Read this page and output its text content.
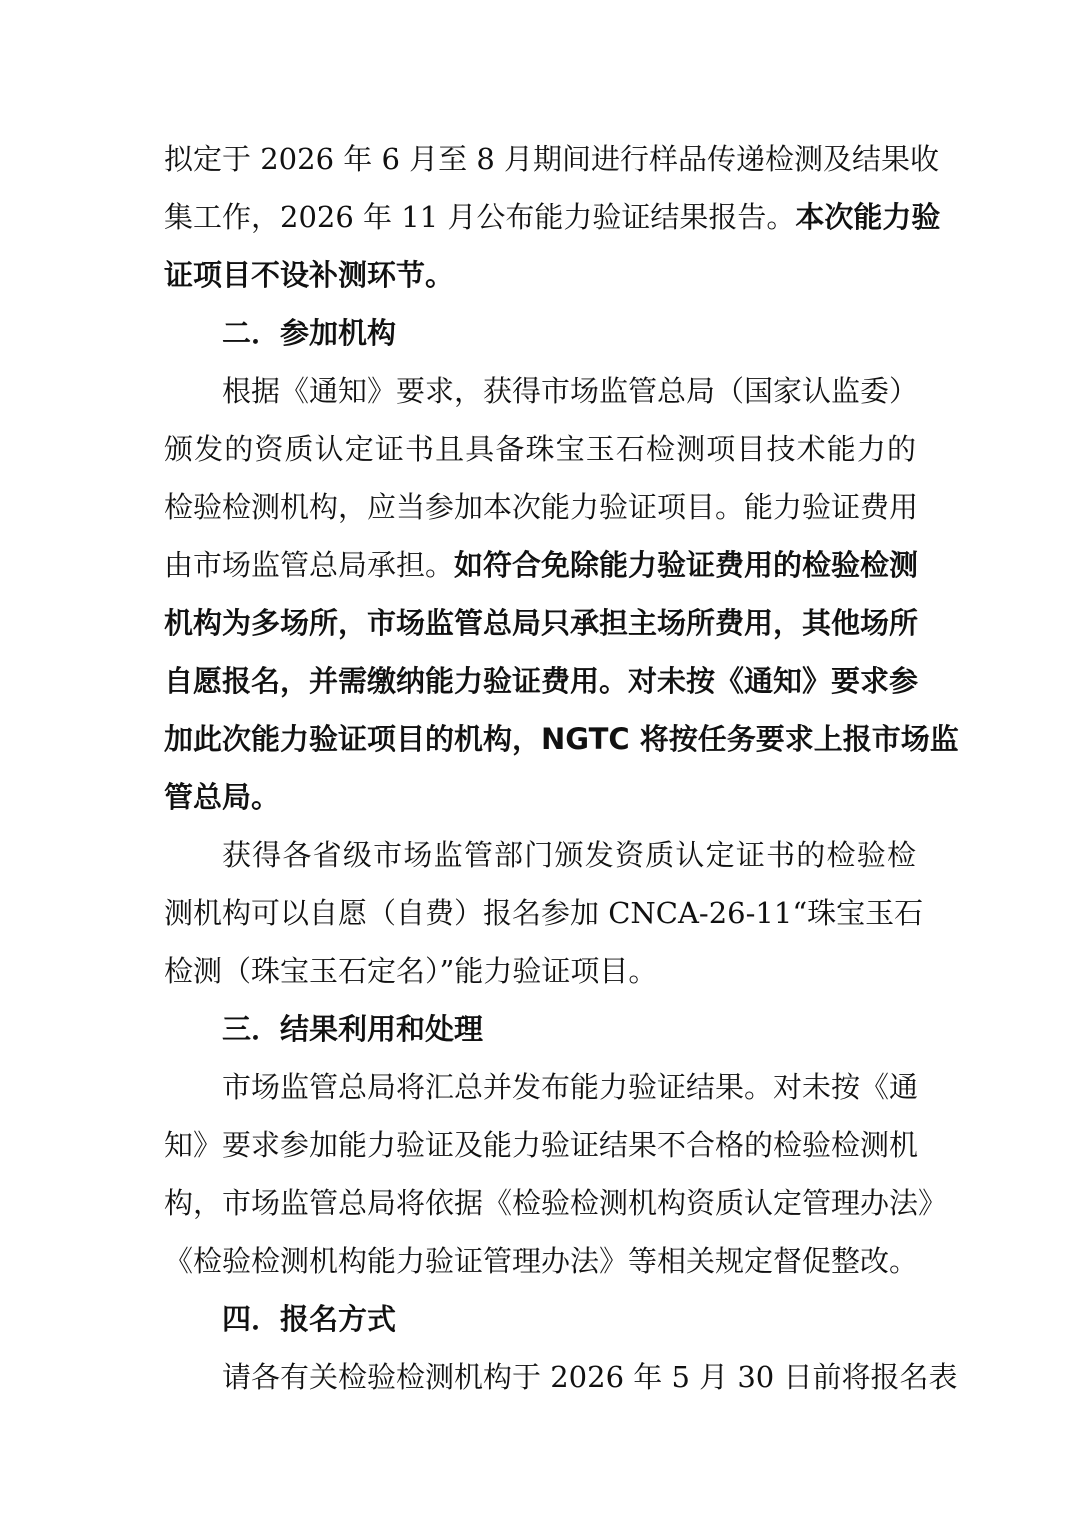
拟定于 2026 年 6 月至 8 月期间进行样品传递检测及结果收
集工作，2026 年 11 月公布能力验证结果报告。本次能力验
证项目不设补测环节。
二．参加机构
根据《通知》要求，获得市场监管总局（国家认监委）
颁发的资质认定证书且具备珠宝玉石检测项目技术能力的
检验检测机构，应当参加本次能力验证项目。能力验证费用
由市场监管总局承担。如符合免除能力验证费用的检验检测
机构为多场所，市场监管总局只承担主场所费用，其他场所
自愿报名，并需缴纳能力验证费用。对未按《通知》要求参
加此次能力验证项目的机构，NGTC 将按任务要求上报市场监
管总局。
获得各省级市场监管部门颁发资质认定证书的检验检
测机构可以自愿（自费）报名参加 CNCA-26-11“珠宝玉石
检测（珠宝玉石定名）”能力验证项目。
三．结果利用和处理
市场监管总局将汇总并发布能力验证结果。对未按《通
知》要求参加能力验证及能力验证结果不合格的检验检测机
构，市场监管总局将依据《检验检测机构资质认定管理办法》
《检验检测机构能力验证管理办法》等相关规定督促整改。
四．报名方式
请各有关检验检测机构于 2026 年 5 月 30 日前将报名表
